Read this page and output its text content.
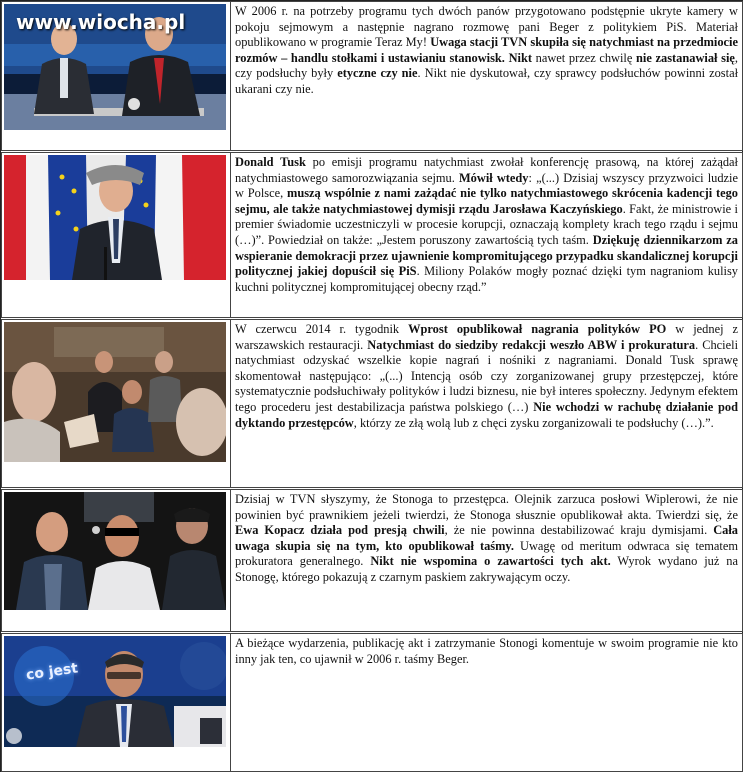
www.wiocha.pl	W 2006 r. na potrzeby programu tych dwóch panów przygotowano podstępnie ukryte kamery w pokoju sejmowym a następnie nagrano rozmowę pani Beger z politykiem PiS. Materiał opublikowano w programie Teraz My! Uwaga stacji TVN skupiła się natychmiast na przedmiocie rozmów – handlu stołkami i ustawianiu stanowisk. Nikt nawet przez chwilę nie zastanawiał się, czy podsłuchy były etyczne czy nie. Nikt nie dyskutował, czy sprawcy podsłuchów powinni został ukarani czy nie.
Donald Tusk po emisji programu natychmiast zwołał konferencję prasową, na której zażądał natychmiastowego samorozwiązania sejmu. Mówił wtedy: „(...) Dzisiaj wszyscy przyzwoici ludzie w Polsce, muszą wspólnie z nami zażądać nie tylko natychmiastowego skrócenia kadencji tego sejmu, ale także natychmiastowej dymisji rządu Jarosława Kaczyńskiego. Fakt, że ministrowie i premier świadomie uczestniczyli w procesie korupcji, oznaczają komplety krach tego rządu i sejmu (…)”. Powiedział on także: „Jestem poruszony zawartością tych taśm. Dziękuję dziennikarzom za wspieranie demokracji przez ujawnienie kompromitującego przypadku skandalicznej korupcji politycznej jakiej dopuścił się PiS. Miliony Polaków mogły poznać dzięki tym nagraniom kulisy kuchni politycznej kompromitującej obecny rząd.”
W czerwcu 2014 r. tygodnik Wprost opublikował nagrania polityków PO w jednej z warszawskich restauracji. Natychmiast do siedziby redakcji weszło ABW i prokuratura. Chcieli natychmiast odzyskać wszelkie kopie nagrań i nośniki z nagraniami. Donald Tusk sprawę skomentował następująco: „(...) Intencją osób czy zorganizowanej grupy przestępczej, które systematycznie podsłuchiwały polityków i ludzi biznesu, nie był interes społeczny. Jedynym efektem tego procederu jest destabilizacja państwa polskiego (…) Nie wchodzi w rachubę działanie pod dyktando przestępców, którzy ze złą wolą lub z chęci zysku zorganizowali te podsłuchy (…).”.
Dzisiaj w TVN słyszymy, że Stonoga to przestępca. Olejnik zarzuca posłowi Wiplerowi, że nie powinien być prawnikiem jeżeli twierdzi, że Stonoga słusznie opublikował akta. Twierdzi się, że Ewa Kopacz działa pod presją chwili, że nie powinna destabilizować kraju dymisjami. Cała uwaga skupia się na tym, kto opublikował taśmy. Uwagę od meritum odwraca się tematem prokuratora generalnego. Nikt nie wspomina o zawartości tych akt. Wyrok wydano już na Stonogę, którego pokazują z czarnym paskiem zakrywającym oczy.
co jest
A bieżące wydarzenia, publikację akt i zatrzymanie Stonogi komentuje w swoim programie nie kto inny jak ten, co ujawnił w 2006 r. taśmy Beger.
